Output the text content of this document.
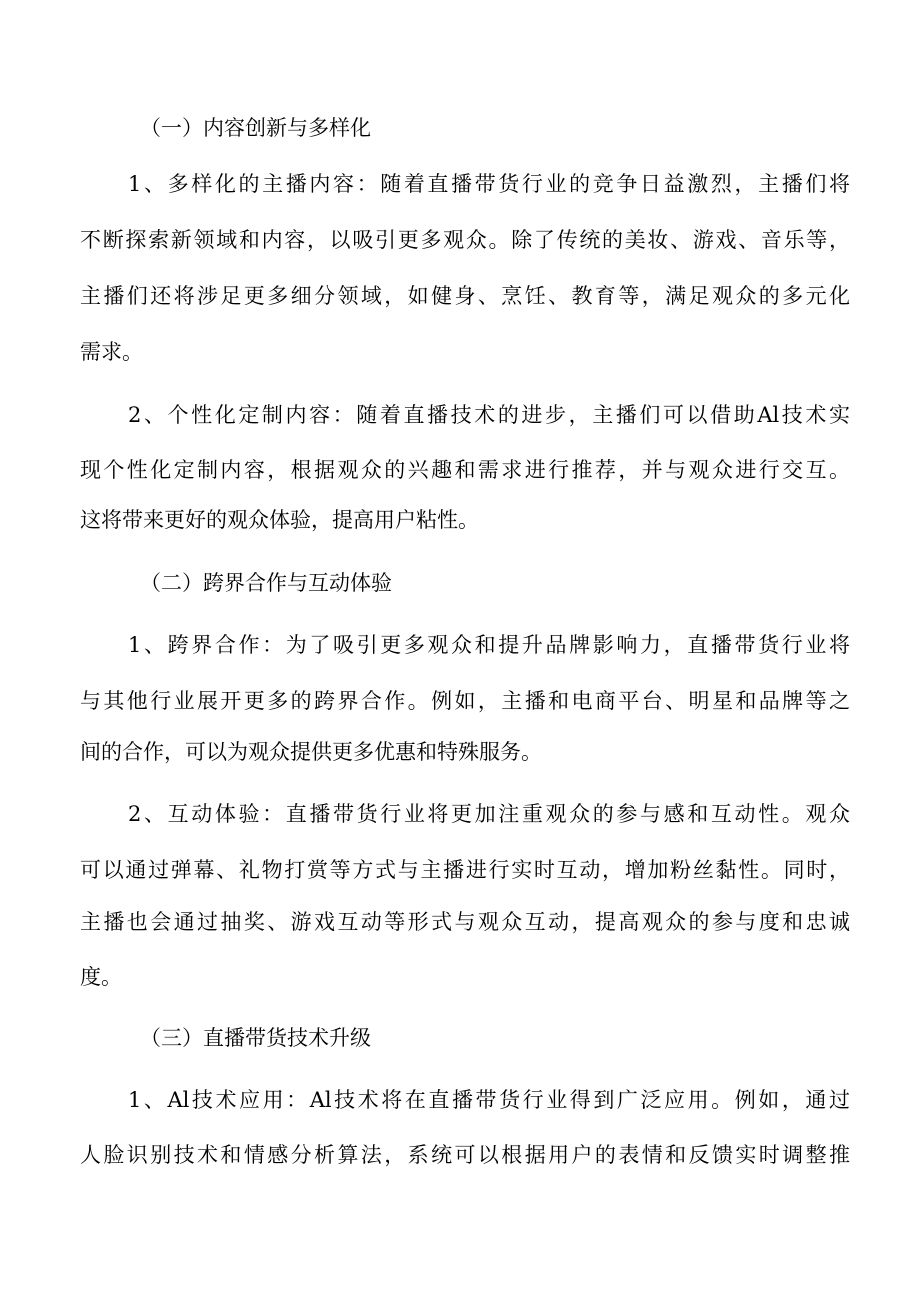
（一）内容创新与多样化
1、多样化的主播内容：随着直播带货行业的竞争日益激烈，主播们将
不断探索新领域和内容，以吸引更多观众。除了传统的美妆、游戏、音乐等，
主播们还将涉足更多细分领域，如健身、烹饪、教育等，满足观众的多元化
需求。
2、个性化定制内容：随着直播技术的进步，主播们可以借助Al技术实
现个性化定制内容，根据观众的兴趣和需求进行推荐，并与观众进行交互。
这将带来更好的观众体验，提高用户粘性。
（二）跨界合作与互动体验
1、跨界合作：为了吸引更多观众和提升品牌影响力，直播带货行业将
与其他行业展开更多的跨界合作。例如，主播和电商平台、明星和品牌等之
间的合作，可以为观众提供更多优惠和特殊服务。
2、互动体验：直播带货行业将更加注重观众的参与感和互动性。观众
可以通过弹幕、礼物打赏等方式与主播进行实时互动，增加粉丝黏性。同时，
主播也会通过抽奖、游戏互动等形式与观众互动，提高观众的参与度和忠诚
度。
（三）直播带货技术升级
1、Al技术应用：Al技术将在直播带货行业得到广泛应用。例如，通过
人脸识别技术和情感分析算法，系统可以根据用户的表情和反馈实时调整推
